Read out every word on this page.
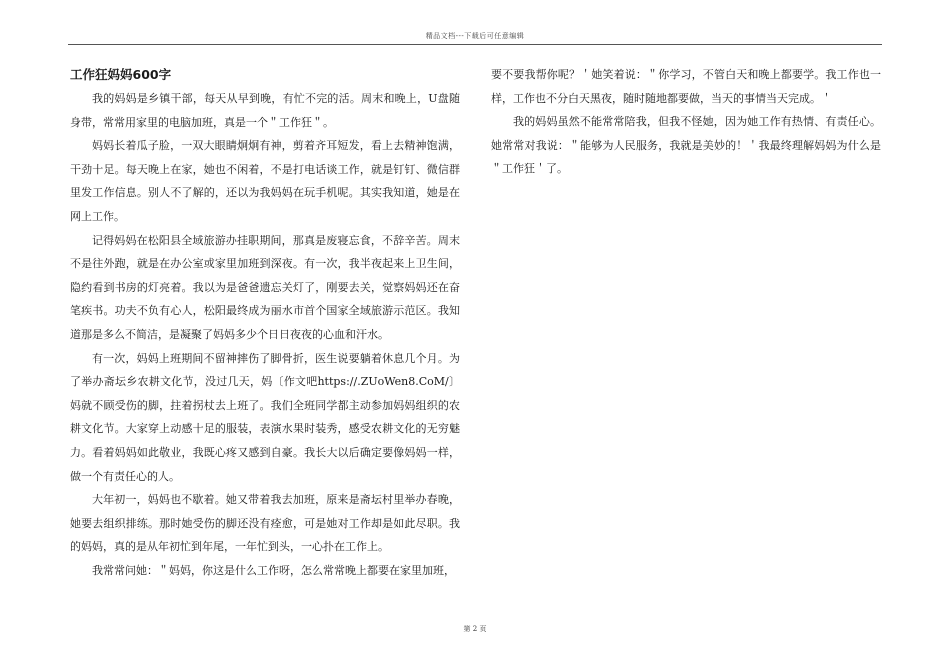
精品文档---下载后可任意编辑
工作狂妈妈600字

我的妈妈是乡镇干部，每天从早到晚，有忙不完的活。周末和晚上，U盘随身带，常常用家里的电脑加班，真是一个＂工作狂＂。

妈妈长着瓜子脸，一双大眼睛炯炯有神，剪着齐耳短发，看上去精神饱满，干劲十足。每天晚上在家，她也不闲着，不是打电话谈工作，就是钉钉、微信群里发工作信息。别人不了解的，还以为我妈妈在玩手机呢。其实我知道，她是在网上工作。

记得妈妈在松阳县全域旅游办挂职期间，那真是废寝忘食，不辞辛苦。周末不是往外跑，就是在办公室或家里加班到深夜。有一次，我半夜起来上卫生间，隐约看到书房的灯亮着。我以为是爸爸遗忘关灯了，刚要去关，觉察妈妈还在奋笔疾书。功夫不负有心人，松阳最终成为丽水市首个国家全域旅游示范区。我知道那是多么不简洁，是凝聚了妈妈多少个日日夜夜的心血和汗水。

有一次，妈妈上班期间不留神摔伤了脚骨折，医生说要躺着休息几个月。为了举办斋坛乡农耕文化节，没过几天，妈〔作文吧https://.ZUoWen8.CoM/〕妈就不顾受伤的脚，拄着拐杖去上班了。我们全班同学都主动参加妈妈组织的农耕文化节。大家穿上动感十足的服装，表演水果时装秀，感受农耕文化的无穷魅力。看着妈妈如此敬业，我既心疼又感到自豪。我长大以后确定要像妈妈一样，做一个有责任心的人。

大年初一，妈妈也不歇着。她又带着我去加班，原来是斋坛村里举办春晚，她要去组织排练。那时她受伤的脚还没有痊愈，可是她对工作却是如此尽职。我的妈妈，真的是从年初忙到年尾，一年忙到头，一心扑在工作上。

我常常问她：＂妈妈，你这是什么工作呀，怎么常常晚上都要在家里加班，

要不要我帮你呢？＇她笑着说：＂你学习，不管白天和晚上都要学。我工作也一样，工作也不分白天黑夜，随时随地都要做，当天的事情当天完成。＇

我的妈妈虽然不能常常陪我，但我不怪她，因为她工作有热情、有责任心。她常常对我说：＂能够为人民服务，我就是美妙的！＇我最终理解妈妈为什么是＂工作狂＇了。

第 2 页
